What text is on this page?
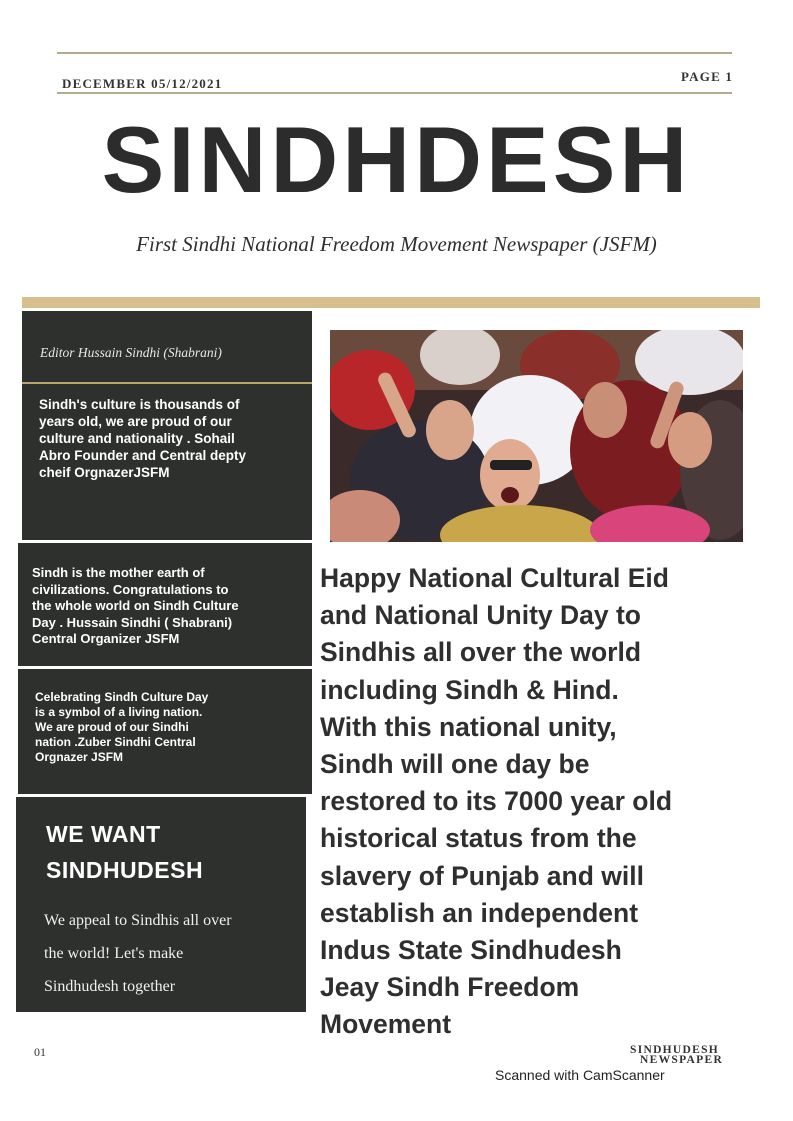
DECEMBER 05/12/2021	PAGE 1
SINDHDESH
First Sindhi National Freedom Movement Newspaper (JSFM)
Editor Hussain Sindhi (Shabrani)
Sindh's culture is thousands of
years old, we are proud of our
culture and nationality . Sohail
Abro Founder and Central depty
cheif OrgnazerJSFM
Sindh is the mother earth of
civilizations. Congratulations to
the whole world on Sindh Culture
Day . Hussain Sindhi ( Shabrani)
Central Organizer JSFM
Celebrating Sindh Culture Day
is a symbol of a living nation.
We are proud of our Sindhi
nation .Zuber Sindhi Central
Orgnazer JSFM
WE WANT
SINDHUDESH
We appeal to Sindhis all over
the world! Let's make
Sindhudesh together
Happy National Cultural Eid
and National Unity Day to
Sindhis all over the world
including Sindh & Hind.
With this national unity,
Sindh will one day be
restored to its 7000 year old
historical status from the
slavery of Punjab and will
establish an independent
Indus State Sindhudesh
Jeay Sindh Freedom
Movement
01	SINDHUDESH
NEWSPAPER
Scanned with CamScanner
